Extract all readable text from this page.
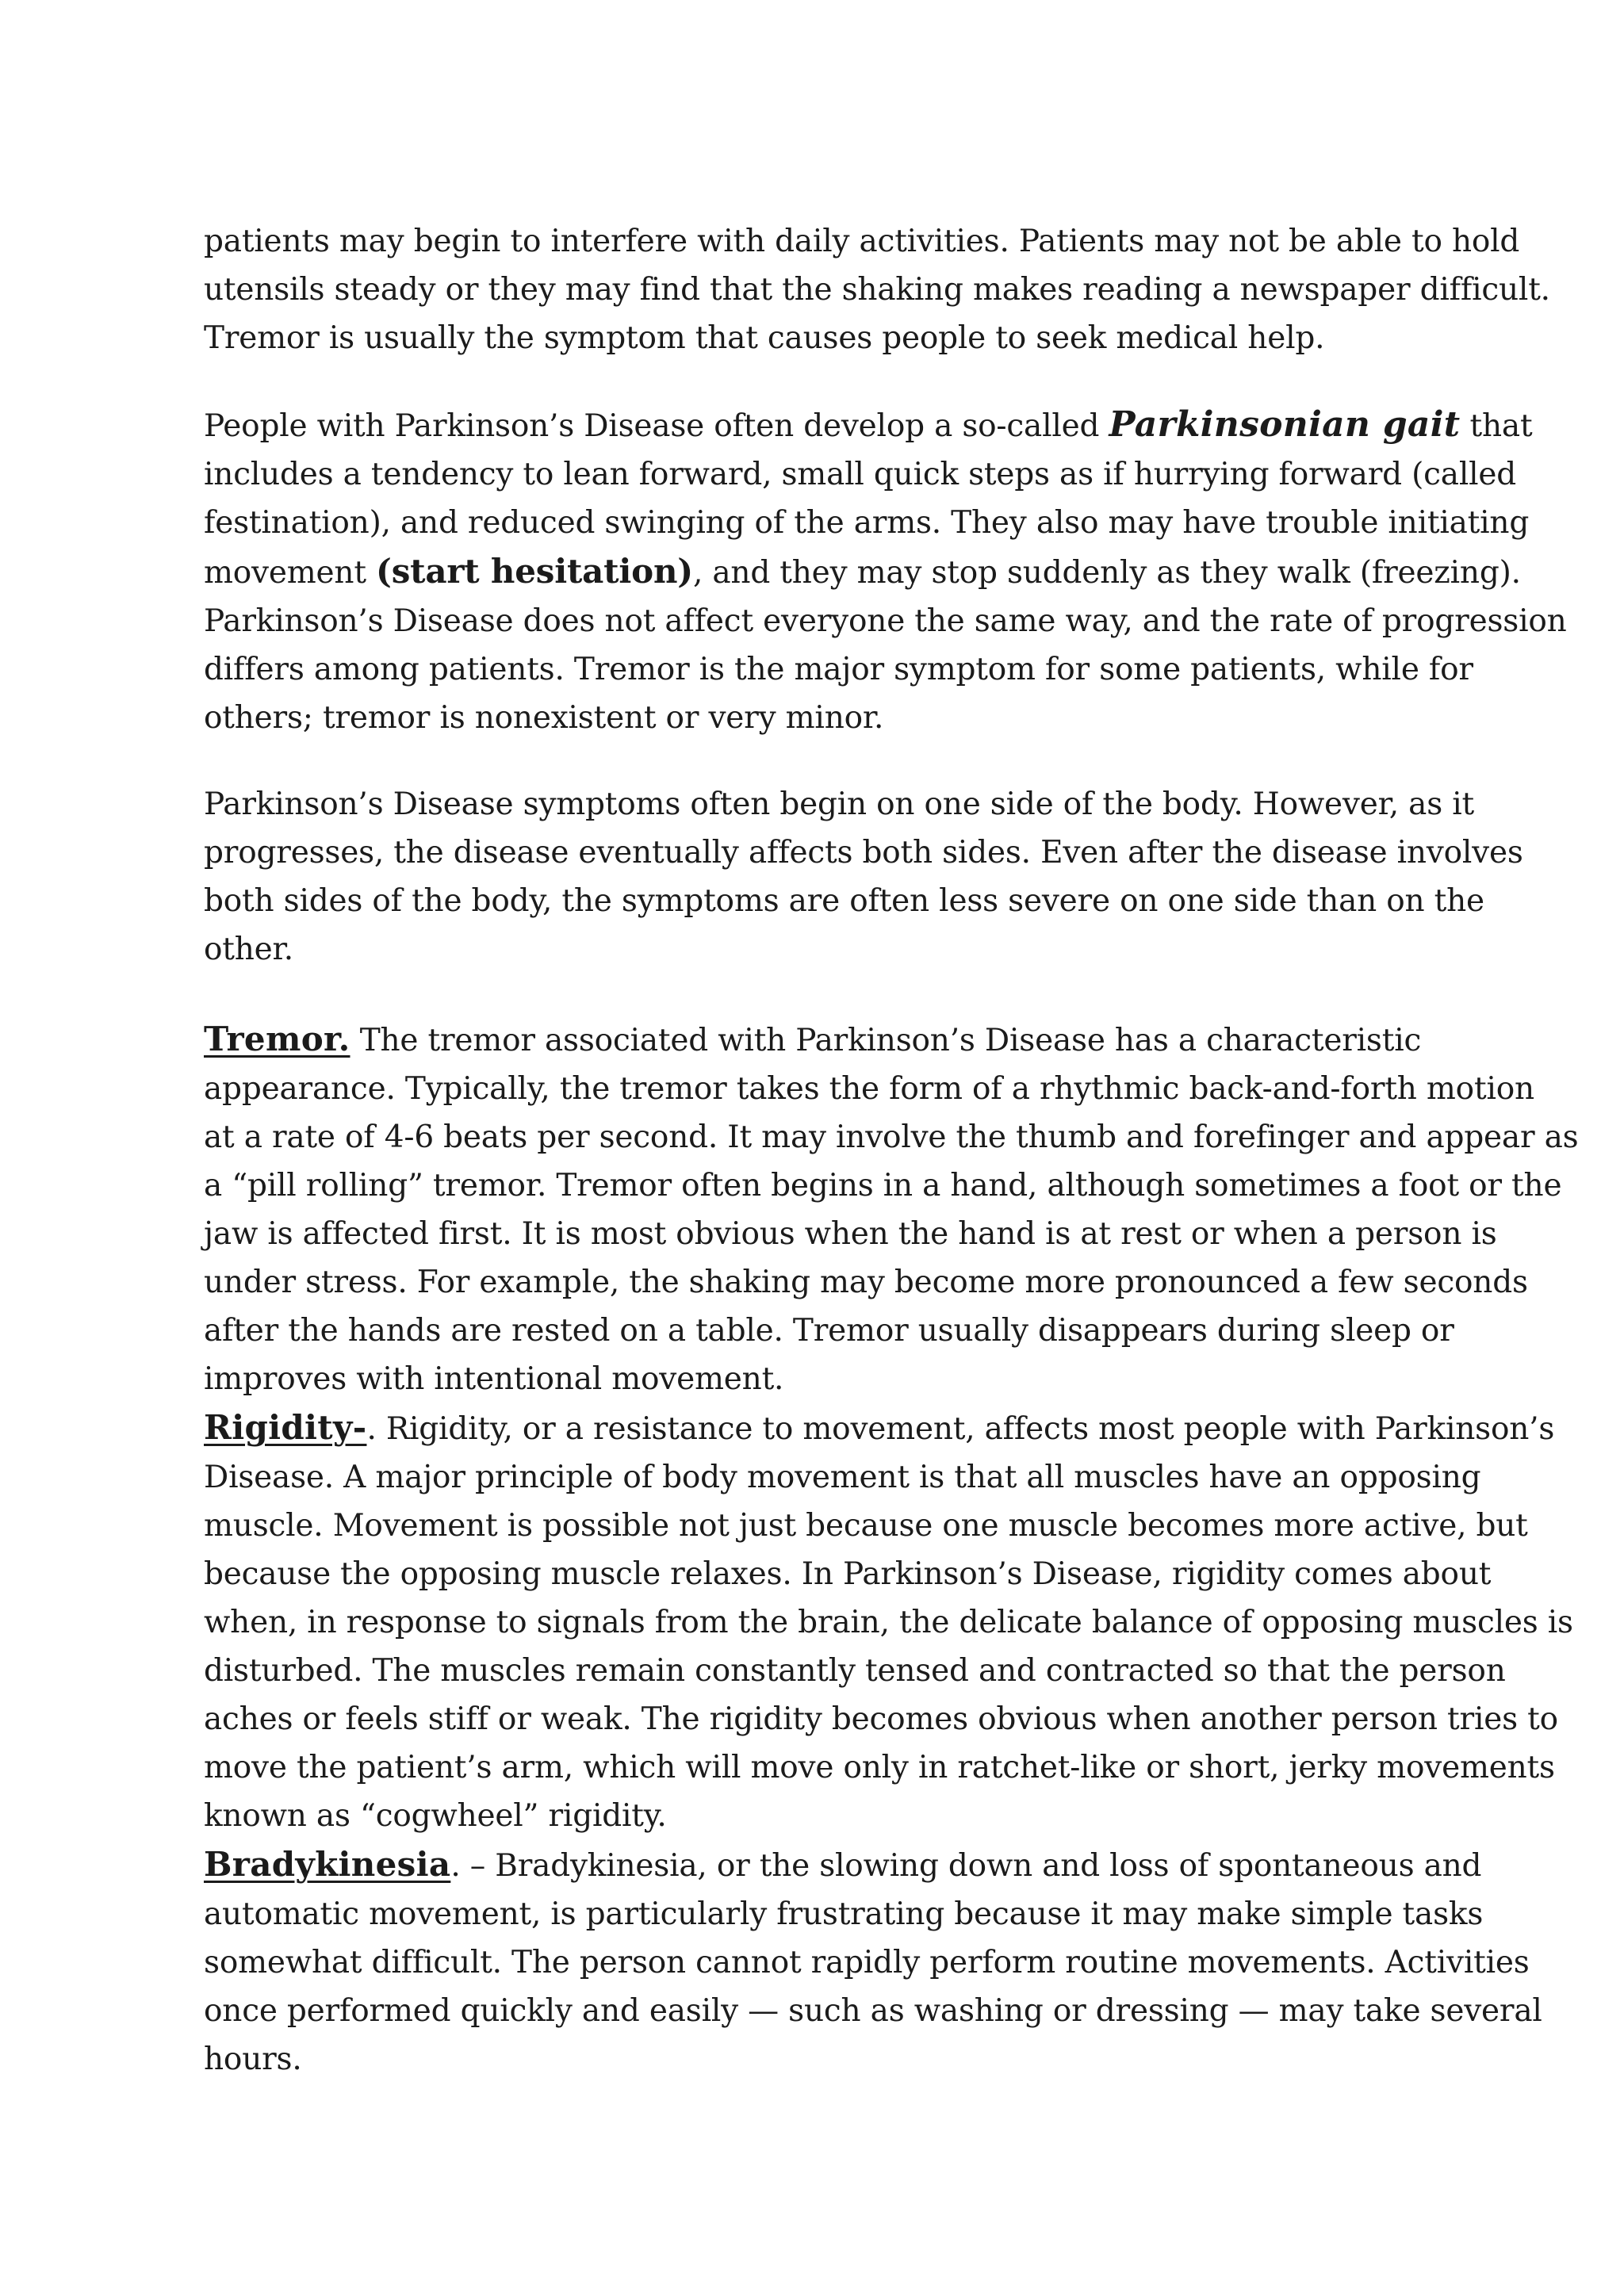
patients may begin to interfere with daily activities. Patients may not be able to hold
utensils steady or they may find that the shaking makes reading a newspaper difficult.
Tremor is usually the symptom that causes people to seek medical help.
People with Parkinson’s Disease often develop a so-called Parkinsonian gait that
includes a tendency to lean forward, small quick steps as if hurrying forward (called
festination), and reduced swinging of the arms. They also may have trouble initiating
movement (start hesitation), and they may stop suddenly as they walk (freezing).
Parkinson’s Disease does not affect everyone the same way, and the rate of progression
differs among patients. Tremor is the major symptom for some patients, while for
others; tremor is nonexistent or very minor.
Parkinson’s Disease symptoms often begin on one side of the body. However, as it
progresses, the disease eventually affects both sides. Even after the disease involves
both sides of the body, the symptoms are often less severe on one side than on the
other.
Tremor. The tremor associated with Parkinson’s Disease has a characteristic
appearance. Typically, the tremor takes the form of a rhythmic back-and-forth motion
at a rate of 4-6 beats per second. It may involve the thumb and forefinger and appear as
a “pill rolling” tremor. Tremor often begins in a hand, although sometimes a foot or the
jaw is affected first. It is most obvious when the hand is at rest or when a person is
under stress. For example, the shaking may become more pronounced a few seconds
after the hands are rested on a table. Tremor usually disappears during sleep or
improves with intentional movement.
Rigidity-. Rigidity, or a resistance to movement, affects most people with Parkinson’s
Disease. A major principle of body movement is that all muscles have an opposing
muscle. Movement is possible not just because one muscle becomes more active, but
because the opposing muscle relaxes. In Parkinson’s Disease, rigidity comes about
when, in response to signals from the brain, the delicate balance of opposing muscles is
disturbed. The muscles remain constantly tensed and contracted so that the person
aches or feels stiff or weak. The rigidity becomes obvious when another person tries to
move the patient’s arm, which will move only in ratchet-like or short, jerky movements
known as “cogwheel” rigidity.
Bradykinesia. – Bradykinesia, or the slowing down and loss of spontaneous and
automatic movement, is particularly frustrating because it may make simple tasks
somewhat difficult. The person cannot rapidly perform routine movements. Activities
once performed quickly and easily — such as washing or dressing — may take several
hours.
